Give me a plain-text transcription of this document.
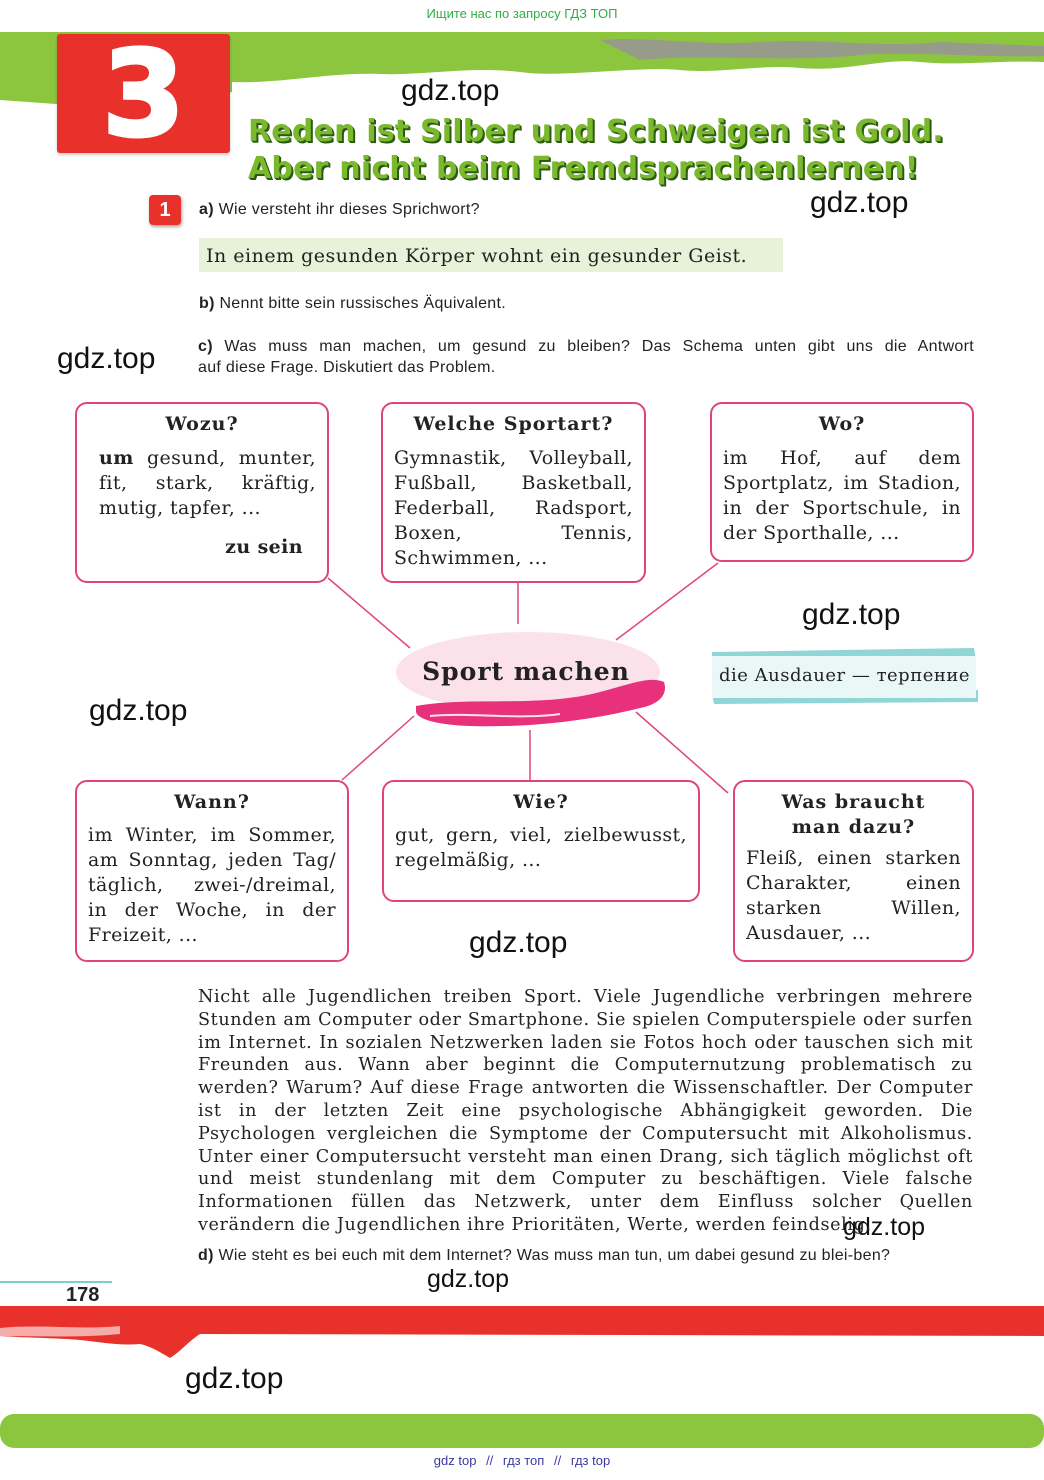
Ищите нас по запросу ГДЗ ТОП
3	gdz.top
gdz.top
gdz.top
gdz.top
gdz.top
gdz.top
gdz.top
gdz.top
gdz.top
Reden ist Silber und Schweigen ist Gold.
Aber nicht beim Fremdsprachenlernen!
1	a) Wie versteht ihr dieses Sprichwort?
In einem gesunden Körper wohnt ein gesunder Geist.
b) Nennt bitte sein russisches Äquivalent.
c) Was muss man machen, um gesund zu bleiben? Das Schema unten gibt uns die Antwort
auf diese Frage. Diskutiert das Problem.
Sport machen
Wozu?
um gesund, munter, fit, stark, kräftig, mutig, tapfer, ...
zu sein
Welche Sportart?
Gymnastik, Volleyball, Fußball, Basketball, Federball, Radsport, Boxen, Tennis, Schwimmen, ...
Wo?
im Hof, auf dem Sportplatz, im Stadion, in der Sportschule, in der Sporthalle, ...
Wann?
im Winter, im Sommer, am Sonntag, jeden Tag/ täglich, zwei-/dreimal, in der Woche, in der Freizeit, ...
Wie?
gut, gern, viel, zielbewusst, regelmäßig, ...
Was braucht man dazu?
Fleiß, einen starken Charakter, einen starken Willen, Ausdauer, ...
die Ausdauer — терпение
Nicht alle Jugendlichen treiben Sport. Viele Jugendliche verbringen mehrere Stunden am Computer oder Smartphone. Sie spielen Computerspiele oder surfen im Internet. In sozialen Netzwerken laden sie Fotos hoch oder tauschen sich mit Freunden aus. Wann aber beginnt die Computernutzung problematisch zu werden? Warum? Auf diese Frage antworten die Wissenschaftler. Der Computer ist in der letzten Zeit eine psychologische Abhängigkeit geworden. Die Psychologen vergleichen die Symptome der Computersucht mit Alkoholismus. Unter einer Computersucht versteht man einen Drang, sich täglich möglichst oft und meist stundenlang mit dem Computer zu beschäftigen. Viele falsche Informationen füllen das Netzwerk, unter dem Einfluss solcher Quellen verändern die Jugendlichen ihre Prioritäten, Werte, werden feindselig.
d) Wie steht es bei euch mit dem Internet? Was muss man tun, um dabei gesund zu blei-ben?
178
gdz top // гдз топ // гдз top
